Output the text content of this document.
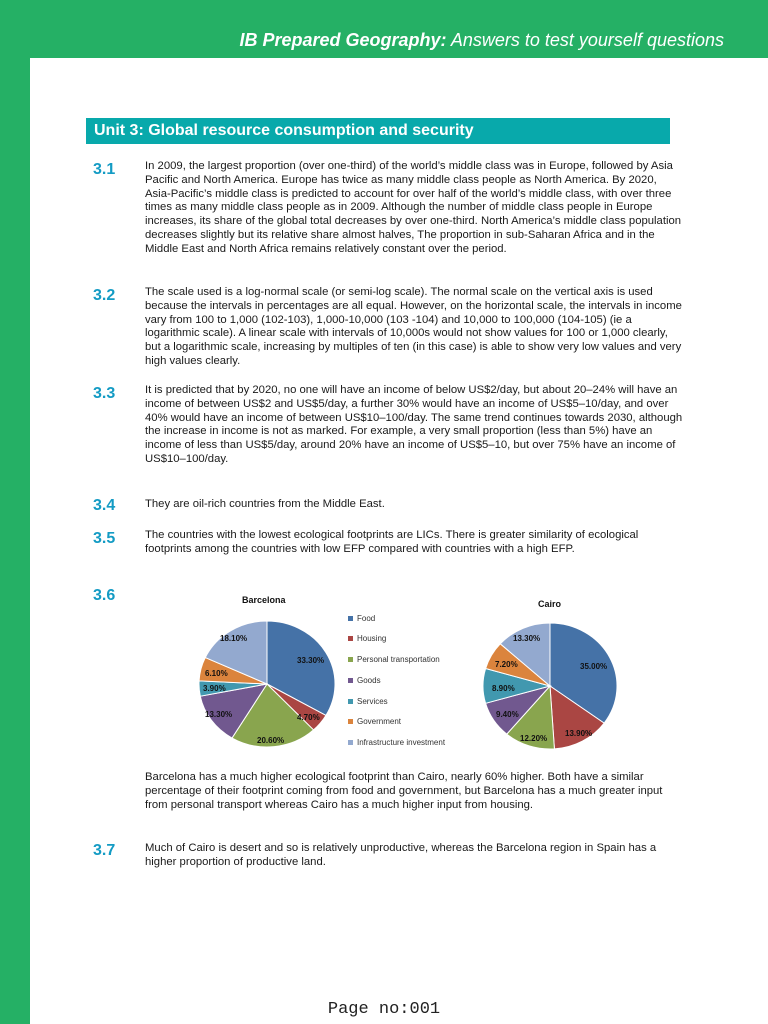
IB Prepared Geography: Answers to test yourself questions
Unit 3: Global resource consumption and security
3.1	In 2009, the largest proportion (over one-third) of the world’s middle class was in Europe, followed by Asia Pacific and North America. Europe has twice as many middle class people as North America. By 2020, Asia-Pacific’s middle class is predicted to account for over half of the world’s middle class, with over three times as many middle class people as in 2009. Although the number of middle class people in Europe increases, its share of the global total decreases by over one-third. North America’s middle class population decreases slightly but its relative share almost halves, The proportion in sub-Saharan Africa and in the Middle East and North Africa remains relatively constant over the period.
3.2	The scale used is a log-normal scale (or semi-log scale). The normal scale on the vertical axis is used because the intervals in percentages are all equal. However, on the horizontal scale, the intervals in income vary from 100 to 1,000 (102-103), 1,000-10,000 (103 -104) and 10,000 to 100,000 (104-105) (ie a logarithmic scale). A linear scale with intervals of 10,000s would not show values for 100 or 1,000 clearly, but a logarithmic scale, increasing by multiples of ten (in this case) is able to show very low values and very high values clearly.
3.3	It is predicted that by 2020, no one will have an income of below US$2/day, but about 20–24% will have an income of between US$2 and US$5/day, a further 30% would have an income of US$5–10/day, and over 40% would have an income of between US$10–100/day. The same trend continues towards 2030, although the increase in income is not as marked. For example, a very small proportion (less than 5%) have an income of less than US$5/day, around 20% have an income of US$5–10, but over 75% have an income of US$10–100/day.
3.4	They are oil-rich countries from the Middle East.
3.5	The countries with the lowest ecological footprints are LICs. There is greater similarity of ecological footprints among the countries with low EFP compared with countries with a high EFP.
3.6	Barcelona	Cairo
33.30%
4.70%
20.60%
13.30%
3.90%
6.10%
18.10%
35.00%
13.90%
12.20%
9.40%
8.90%
7.20%
13.30%
Food
Housing
Personal transportation
Goods
Services
Government
Infrastructure investment
Barcelona has a much higher ecological footprint than Cairo, nearly 60% higher. Both have a similar percentage of their footprint coming from food and government, but Barcelona has a much greater input from personal transport whereas Cairo has a much higher input from housing.
3.7	Much of Cairo is desert and so is relatively unproductive, whereas the Barcelona region in Spain has a higher proportion of productive land.
Page no:001
